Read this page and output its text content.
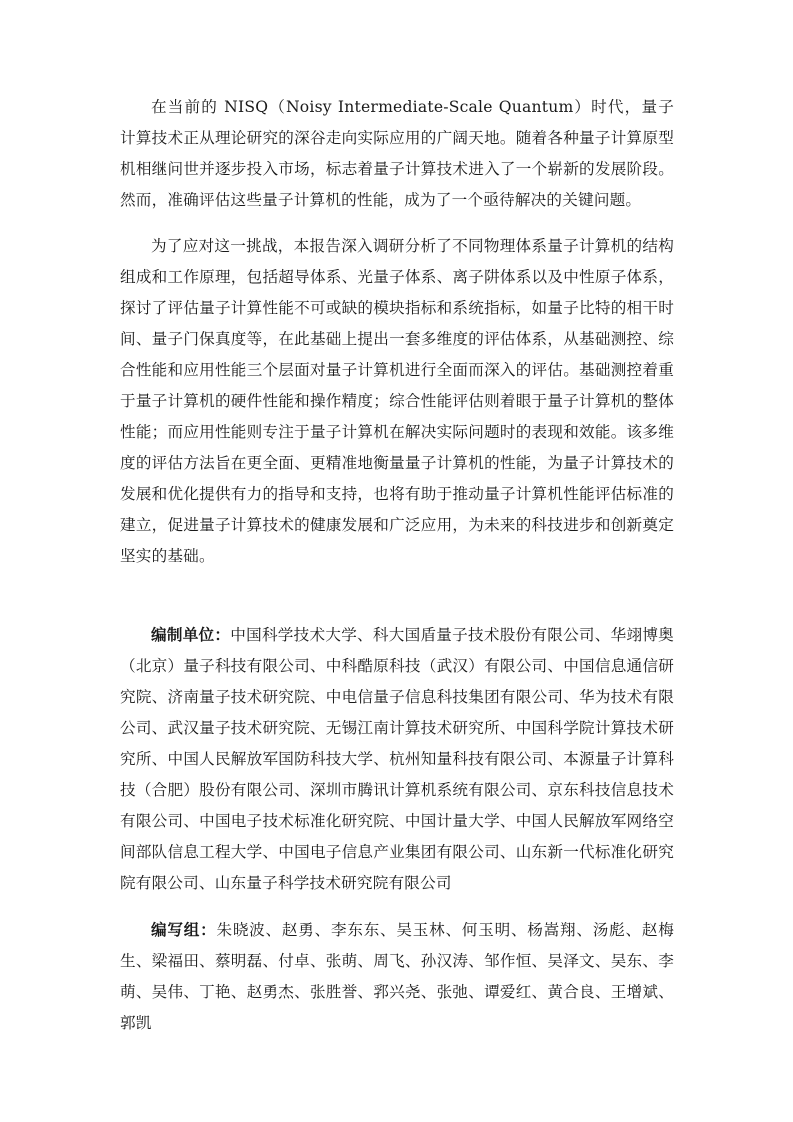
在当前的 NISQ（Noisy Intermediate-Scale Quantum）时代，量子计算技术正从理论研究的深谷走向实际应用的广阔天地。随着各种量子计算原型机相继问世并逐步投入市场，标志着量子计算技术进入了一个崭新的发展阶段。然而，准确评估这些量子计算机的性能，成为了一个亟待解决的关键问题。

为了应对这一挑战，本报告深入调研分析了不同物理体系量子计算机的结构组成和工作原理，包括超导体系、光量子体系、离子阱体系以及中性原子体系，探讨了评估量子计算性能不可或缺的模块指标和系统指标，如量子比特的相干时间、量子门保真度等，在此基础上提出一套多维度的评估体系，从基础测控、综合性能和应用性能三个层面对量子计算机进行全面而深入的评估。基础测控着重于量子计算机的硬件性能和操作精度；综合性能评估则着眼于量子计算机的整体性能；而应用性能则专注于量子计算机在解决实际问题时的表现和效能。该多维度的评估方法旨在更全面、更精准地衡量量子计算机的性能，为量子计算技术的发展和优化提供有力的指导和支持，也将有助于推动量子计算机性能评估标准的建立，促进量子计算技术的健康发展和广泛应用，为未来的科技进步和创新奠定坚实的基础。

编制单位：中国科学技术大学、科大国盾量子技术股份有限公司、华翊博奥（北京）量子科技有限公司、中科酷原科技（武汉）有限公司、中国信息通信研究院、济南量子技术研究院、中电信量子信息科技集团有限公司、华为技术有限公司、武汉量子技术研究院、无锡江南计算技术研究所、中国科学院计算技术研究所、中国人民解放军国防科技大学、杭州知量科技有限公司、本源量子计算科技（合肥）股份有限公司、深圳市腾讯计算机系统有限公司、京东科技信息技术有限公司、中国电子技术标准化研究院、中国计量大学、中国人民解放军网络空间部队信息工程大学、中国电子信息产业集团有限公司、山东新一代标准化研究院有限公司、山东量子科学技术研究院有限公司

编写组：朱晓波、赵勇、李东东、吴玉林、何玉明、杨嵩翔、汤彪、赵梅生、梁福田、蔡明磊、付卓、张萌、周飞、孙汉涛、邹作恒、吴泽文、吴东、李萌、吴伟、丁艳、赵勇杰、张胜誉、郛兴尧、张弛、谭爱红、黄合良、王增斌、郭凯
